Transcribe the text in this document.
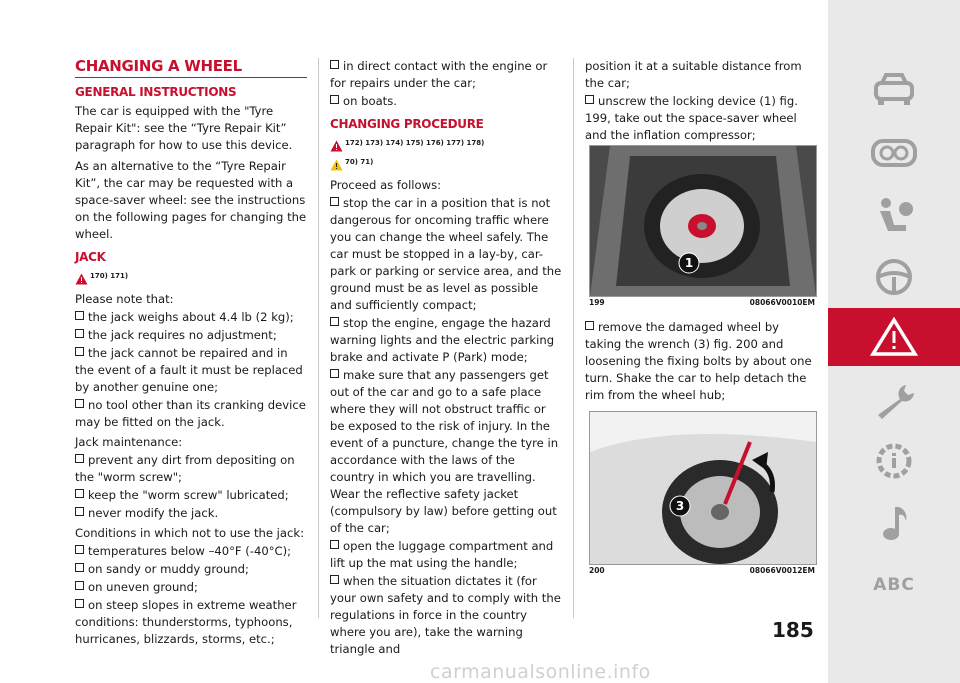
CHANGING A WHEEL
GENERAL INSTRUCTIONS

The car is equipped with the "Tyre Repair Kit": see the “Tyre Repair Kit” paragraph for how to use this device.

As an alternative to the “Tyre Repair Kit”, the car may be requested with a space-saver wheel: see the instructions on the following pages for changing the wheel.

JACK
170) 171)

Please note that:

the jack weighs about 4.4 lb (2 kg);

the jack requires no adjustment;

the jack cannot be repaired and in the event of a fault it must be replaced by another genuine one;

no tool other than its cranking device may be fitted on the jack.

Jack maintenance:

prevent any dirt from depositing on the "worm screw";

keep the "worm screw" lubricated;

never modify the jack.

Conditions in which not to use the jack:

temperatures below –40°F (-40°C);

on sandy or muddy ground;

on uneven ground;

on steep slopes in extreme weather conditions: thunderstorms, typhoons, hurricanes, blizzards, storms, etc.;

in direct contact with the engine or for repairs under the car;

on boats.

CHANGING PROCEDURE
172) 173) 174) 175) 176) 177) 178)
70) 71)

Proceed as follows:

stop the car in a position that is not dangerous for oncoming traffic where you can change the wheel safely. The car must be stopped in a lay-by, car-park or parking or service area, and the ground must be as level as possible and sufficiently compact;

stop the engine, engage the hazard warning lights and the electric parking brake and activate P (Park) mode;

make sure that any passengers get out of the car and go to a safe place where they will not obstruct traffic or be exposed to the risk of injury. In the event of a puncture, change the tyre in accordance with the laws of the country in which you are travelling. Wear the reflective safety jacket (compulsory by law) before getting out of the car;

open the luggage compartment and lift up the mat using the handle;

when the situation dictates it (for your own safety and to comply with the regulations in force in the country where you are), take the warning triangle and

position it at a suitable distance from the car;

unscrew the locking device (1) fig. 199, take out the space-saver wheel and the inflation compressor;

remove the damaged wheel by taking the wrench (3) fig. 200 and loosening the fixing bolts by about one turn. Shake the car to help detach the rim from the wheel hub;

1
199	08066V0010EM
3
200	08066V0012EM
185
ABC
carmanualsonline.info
